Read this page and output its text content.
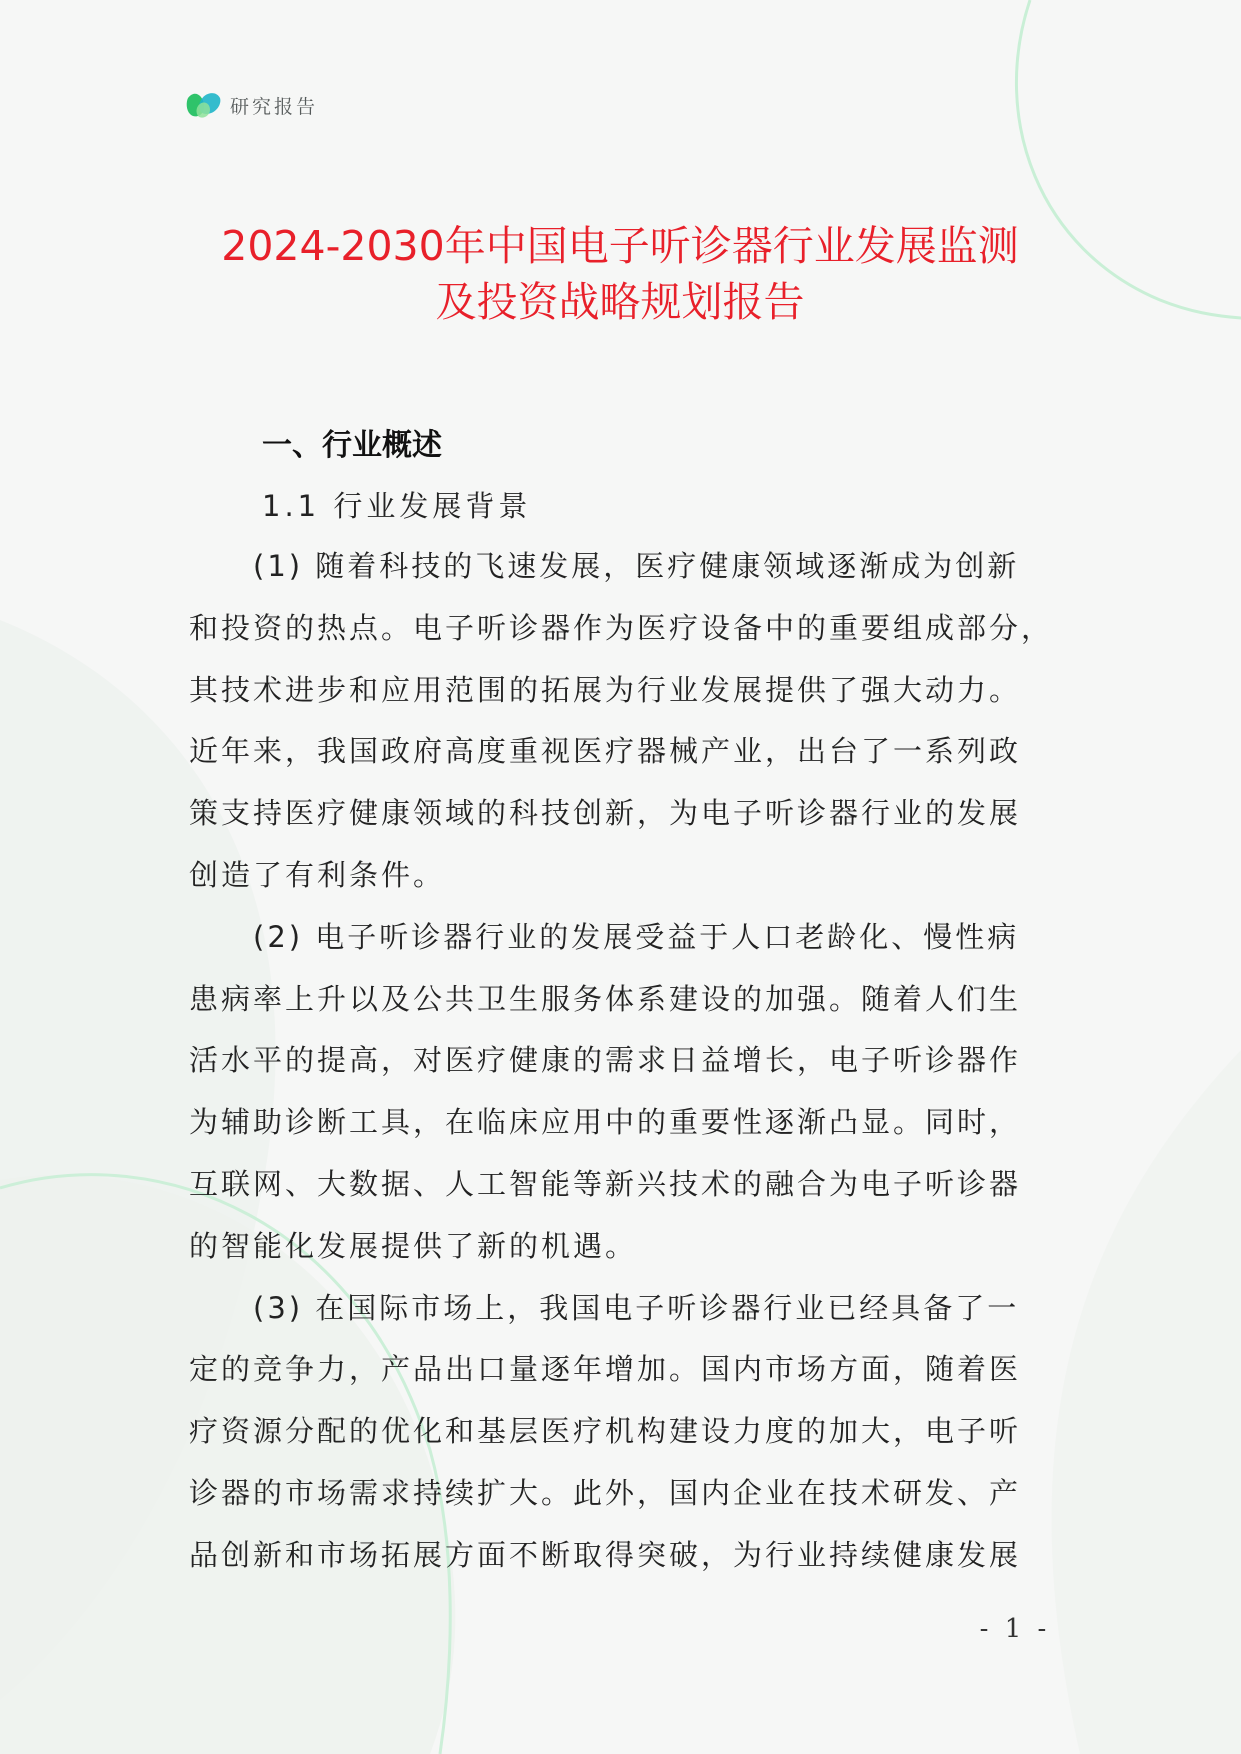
研究报告
2024-2030年中国电子听诊器行业发展监测
及投资战略规划报告
一、行业概述
1.1 行业发展背景

　　(1) 随着科技的飞速发展，医疗健康领域逐渐成为创新
和投资的热点。电子听诊器作为医疗设备中的重要组成部分，
其技术进步和应用范围的拓展为行业发展提供了强大动力。
近年来，我国政府高度重视医疗器械产业，出台了一系列政
策支持医疗健康领域的科技创新，为电子听诊器行业的发展
创造了有利条件。

　　(2) 电子听诊器行业的发展受益于人口老龄化、慢性病
患病率上升以及公共卫生服务体系建设的加强。随着人们生
活水平的提高，对医疗健康的需求日益增长，电子听诊器作
为辅助诊断工具，在临床应用中的重要性逐渐凸显。同时，
互联网、大数据、人工智能等新兴技术的融合为电子听诊器
的智能化发展提供了新的机遇。

　　(3) 在国际市场上，我国电子听诊器行业已经具备了一
定的竞争力，产品出口量逐年增加。国内市场方面，随着医
疗资源分配的优化和基层医疗机构建设力度的加大，电子听
诊器的市场需求持续扩大。此外，国内企业在技术研发、产
品创新和市场拓展方面不断取得突破，为行业持续健康发展

- 1 -
